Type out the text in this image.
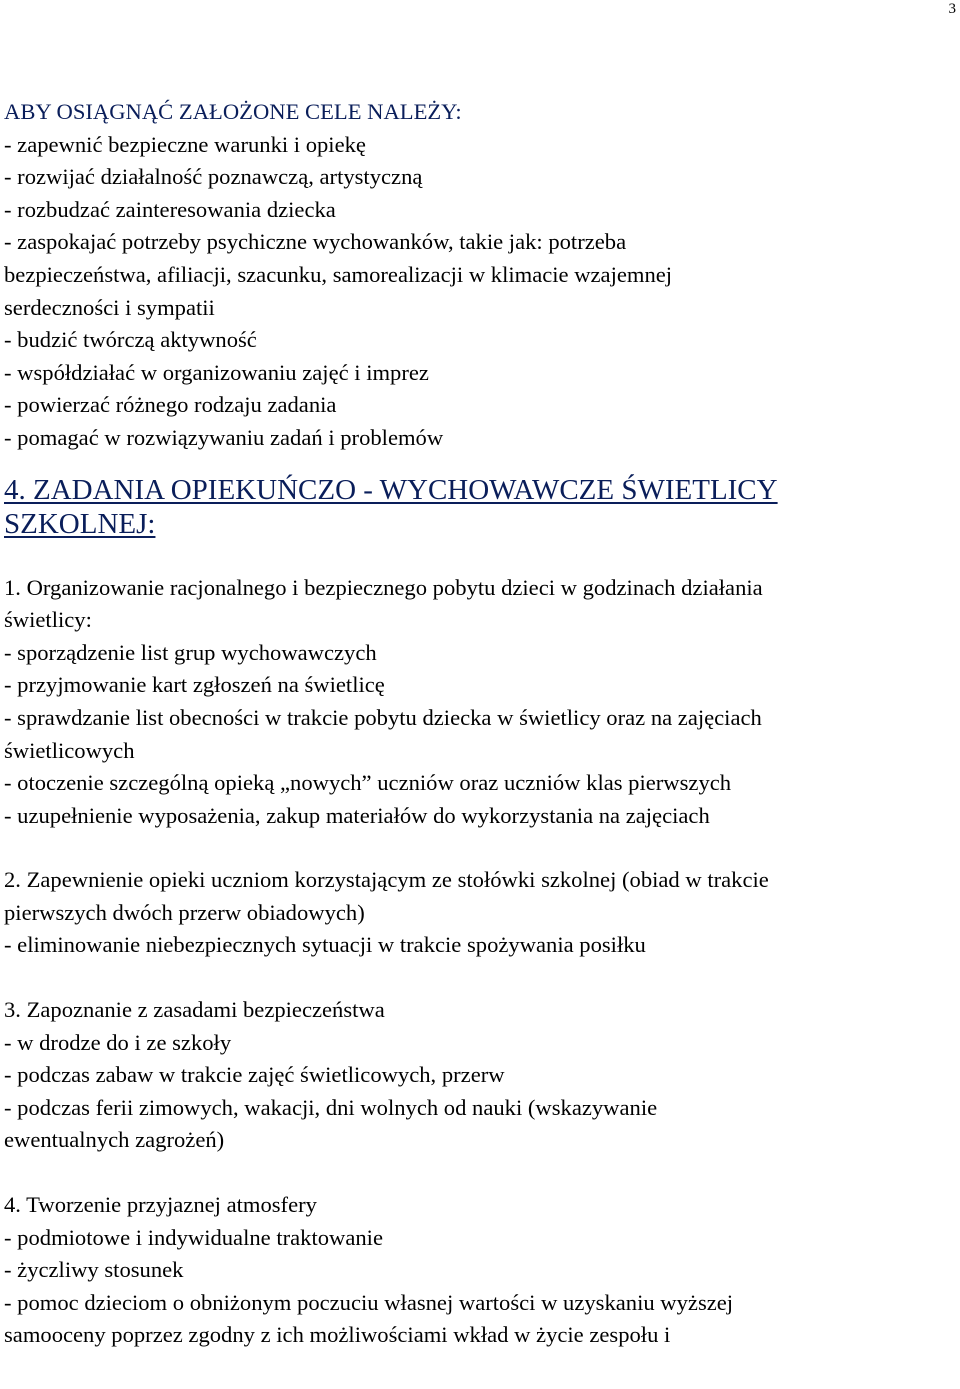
3
ABY OSIĄGNĄĆ ZAŁOŻONE CELE NALEŻY:
- zapewnić bezpieczne warunki i opiekę
- rozwijać działalność poznawczą, artystyczną
- rozbudzać zainteresowania dziecka
- zaspokajać potrzeby psychiczne wychowanków, takie jak: potrzeba
bezpieczeństwa, afiliacji, szacunku, samorealizacji w klimacie wzajemnej
serdeczności i sympatii
- budzić twórczą aktywność
- współdziałać w organizowaniu zajęć i imprez
- powierzać różnego rodzaju zadania
- pomagać w rozwiązywaniu zadań i problemów
4. ZADANIA OPIEKUŃCZO - WYCHOWAWCZE ŚWIETLICY
SZKOLNEJ:
1. Organizowanie racjonalnego i bezpiecznego pobytu dzieci w godzinach działania
świetlicy:
- sporządzenie list grup wychowawczych
- przyjmowanie kart zgłoszeń na świetlicę
- sprawdzanie list obecności w trakcie pobytu dziecka w świetlicy oraz na zajęciach
świetlicowych
- otoczenie szczególną opieką „nowych” uczniów oraz uczniów klas pierwszych
- uzupełnienie wyposażenia, zakup materiałów do wykorzystania na zajęciach
2. Zapewnienie opieki uczniom korzystającym ze stołówki szkolnej (obiad w trakcie
pierwszych dwóch przerw obiadowych)
- eliminowanie niebezpiecznych sytuacji w trakcie spożywania posiłku
3. Zapoznanie z zasadami bezpieczeństwa
- w drodze do i ze szkoły
- podczas zabaw w trakcie zajęć świetlicowych, przerw
- podczas ferii zimowych, wakacji, dni wolnych od nauki (wskazywanie
ewentualnych zagrożeń)
4. Tworzenie przyjaznej atmosfery
- podmiotowe i indywidualne traktowanie
- życzliwy stosunek
- pomoc dzieciom o obniżonym poczuciu własnej wartości w uzyskaniu wyższej
samooceny poprzez zgodny z ich możliwościami wkład w życie zespołu i
